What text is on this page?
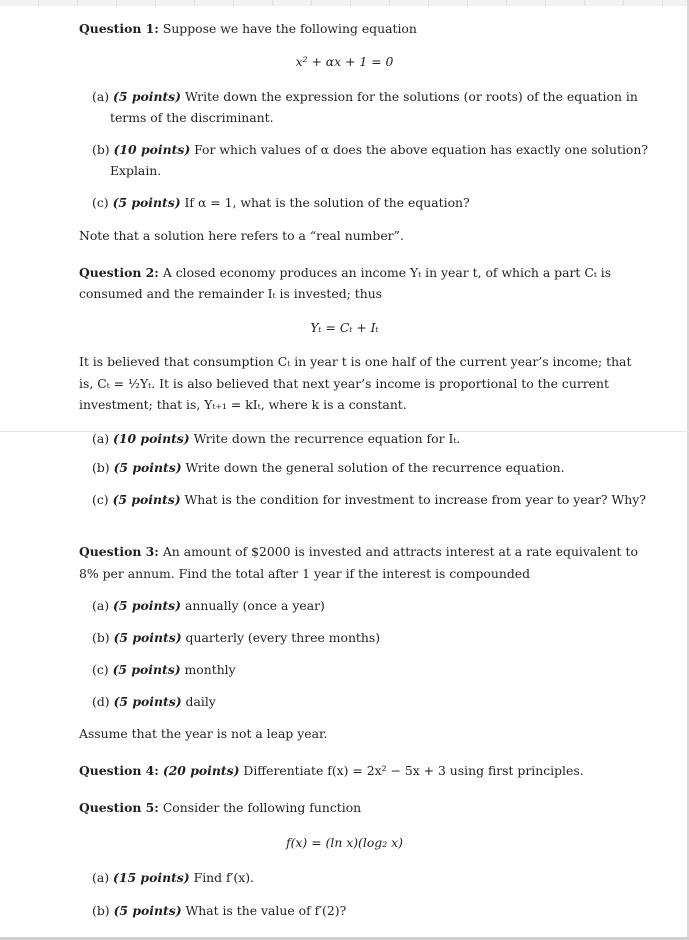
Question 1: Suppose we have the following equation
x² + αx + 1 = 0
(a) (5 points) Write down the expression for the solutions (or roots) of the equation in
terms of the discriminant.
(b) (10 points) For which values of α does the above equation has exactly one solution?
Explain.
(c) (5 points) If α = 1, what is the solution of the equation?
Note that a solution here refers to a “real number”.
Question 2: A closed economy produces an income Yₜ in year t, of which a part Cₜ is
consumed and the remainder Iₜ is invested; thus
Yₜ = Cₜ + Iₜ
It is believed that consumption Cₜ in year t is one half of the current year’s income; that
is, Cₜ = ½Yₜ. It is also believed that next year’s income is proportional to the current
investment; that is, Yₜ₊₁ = kIₜ, where k is a constant.
(a) (10 points) Write down the recurrence equation for Iₜ.
(b) (5 points) Write down the general solution of the recurrence equation.
(c) (5 points) What is the condition for investment to increase from year to year? Why?
Question 3: An amount of $2000 is invested and attracts interest at a rate equivalent to
8% per annum. Find the total after 1 year if the interest is compounded
(a) (5 points) annually (once a year)
(b) (5 points) quarterly (every three months)
(c) (5 points) monthly
(d) (5 points) daily
Assume that the year is not a leap year.
Question 4: (20 points) Differentiate f(x) = 2x² − 5x + 3 using first principles.
Question 5: Consider the following function
f(x) = (ln x)(log₂ x)
(a) (15 points) Find f′(x).
(b) (5 points) What is the value of f′(2)?
